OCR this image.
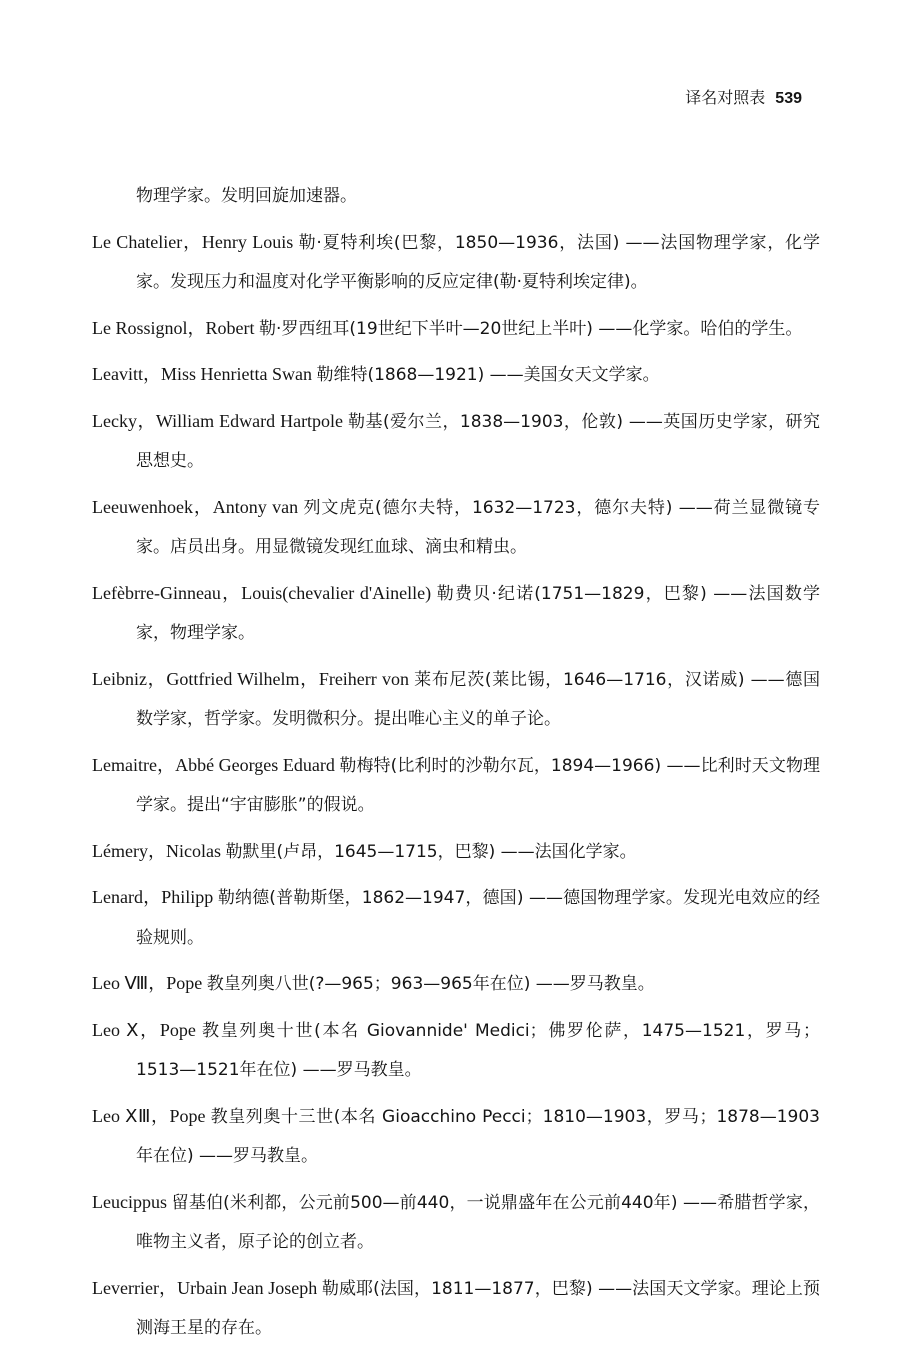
译名对照表 539
物理学家。发明回旋加速器。
Le Chatelier，Henry Louis 勒·夏特利埃(巴黎，1850—1936，法国) ——法国物理学家，化学家。发现压力和温度对化学平衡影响的反应定律(勒·夏特利埃定律)。
Le Rossignol，Robert 勒·罗西纽耳(19世纪下半叶—20世纪上半叶) ——化学家。哈伯的学生。
Leavitt，Miss Henrietta Swan 勒维特(1868—1921) ——美国女天文学家。
Lecky，William Edward Hartpole 勒基(爱尔兰，1838—1903，伦敦) ——英国历史学家，研究思想史。
Leeuwenhoek，Antony van 列文虎克(德尔夫特，1632—1723，德尔夫特) ——荷兰显微镜专家。店员出身。用显微镜发现红血球、滴虫和精虫。
Lefèbrre-Ginneau，Louis(chevalier d'Ainelle) 勒费贝·纪诺(1751—1829，巴黎) ——法国数学家，物理学家。
Leibniz，Gottfried Wilhelm，Freiherr von 莱布尼茨(莱比锡，1646—1716，汉诺威) ——德国数学家，哲学家。发明微积分。提出唯心主义的单子论。
Lemaitre，Abbé Georges Eduard 勒梅特(比利时的沙勒尔瓦，1894—1966) ——比利时天文物理学家。提出“宇宙膨胀”的假说。
Lémery，Nicolas 勒默里(卢昂，1645—1715，巴黎) ——法国化学家。
Lenard，Philipp 勒纳德(普勒斯堡，1862—1947，德国) ——德国物理学家。发现光电效应的经验规则。
Leo Ⅷ，Pope 教皇列奥八世(?—965；963—965年在位) ——罗马教皇。
Leo Ⅹ，Pope 教皇列奥十世(本名 Giovannide' Medici；佛罗伦萨，1475—1521，罗马；1513—1521年在位) ——罗马教皇。
Leo ⅩⅢ，Pope 教皇列奥十三世(本名 Gioacchino Pecci；1810—1903，罗马；1878—1903年在位) ——罗马教皇。
Leucippus 留基伯(米利都，公元前500—前440，一说鼎盛年在公元前440年) ——希腊哲学家，唯物主义者，原子论的创立者。
Leverrier，Urbain Jean Joseph 勒威耶(法国，1811—1877，巴黎) ——法国天文学家。理论上预测海王星的存在。
